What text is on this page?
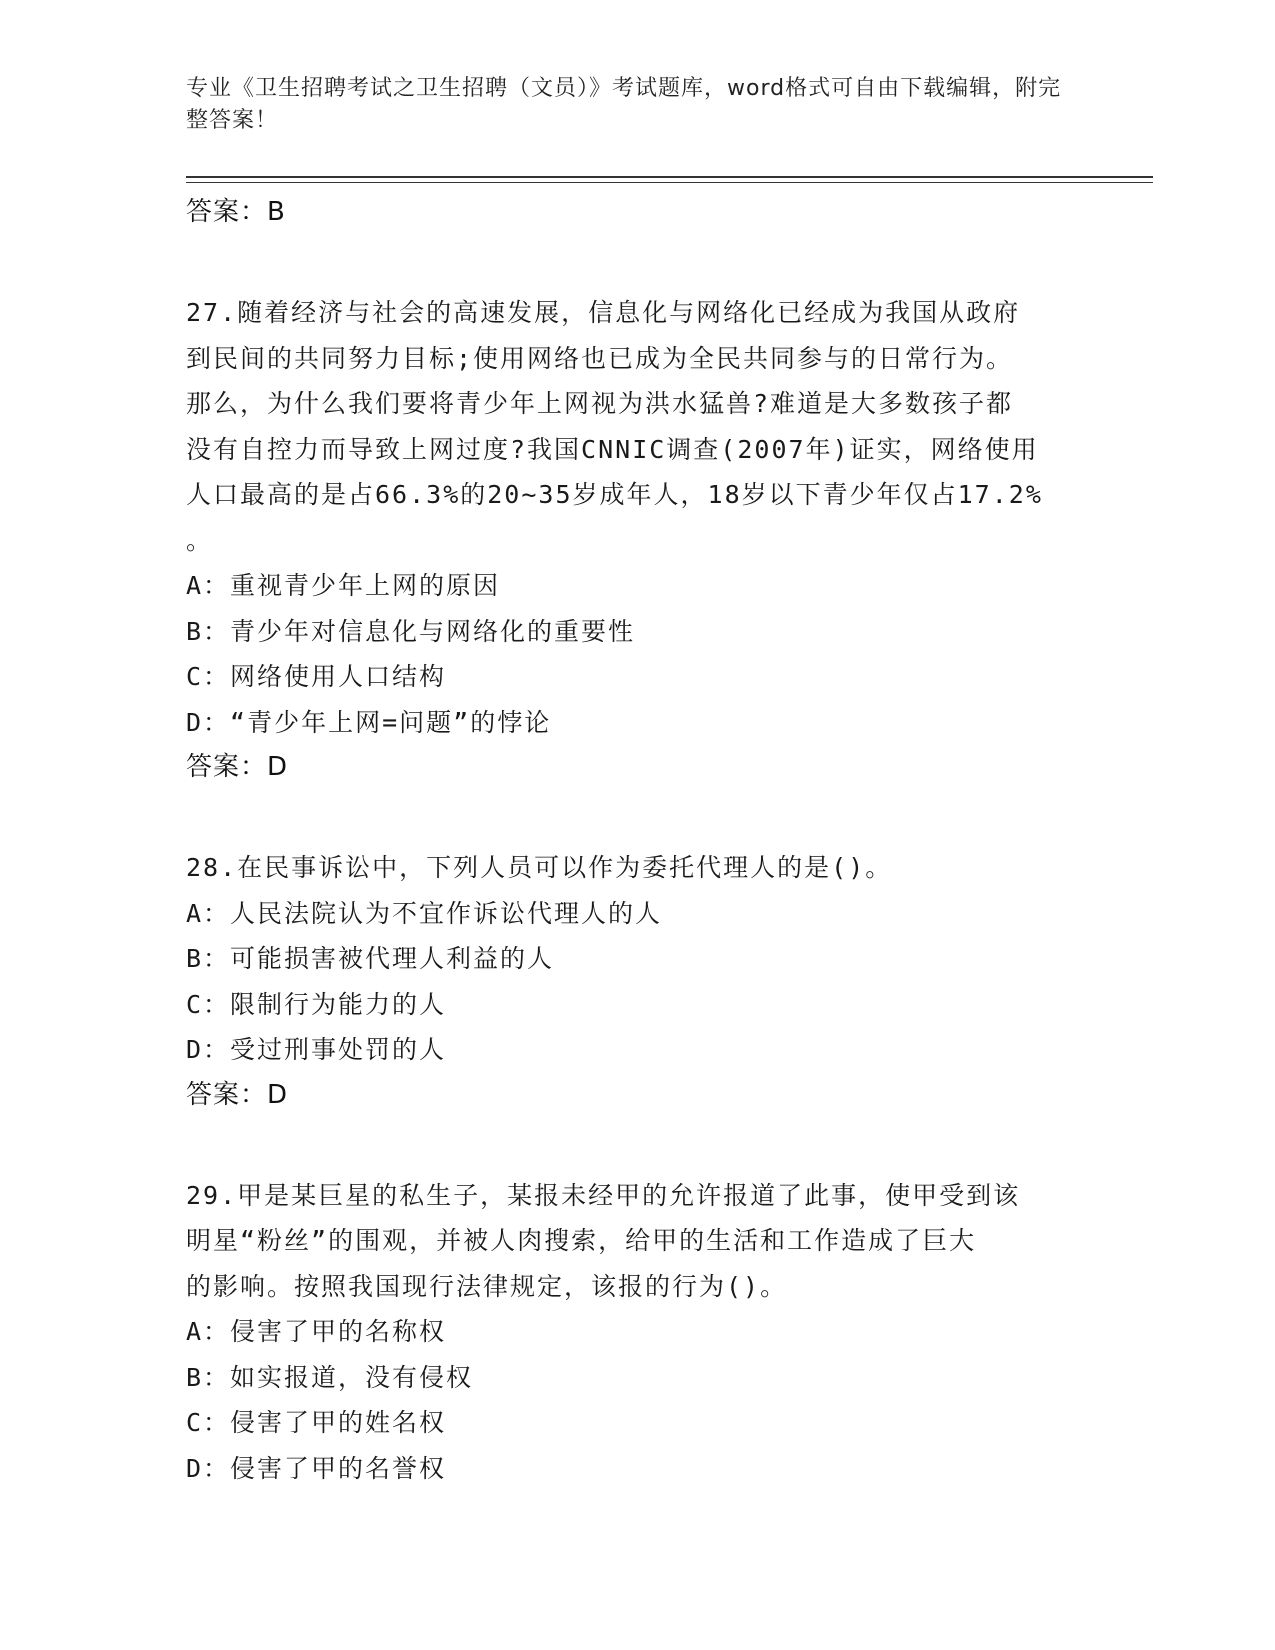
专业《卫生招聘考试之卫生招聘（文员）》考试题库，word格式可自由下载编辑，附完整答案！

答案：B

27.随着经济与社会的高速发展，信息化与网络化已经成为我国从政府

到民间的共同努力目标;使用网络也已成为全民共同参与的日常行为。

那么，为什么我们要将青少年上网视为洪水猛兽?难道是大多数孩子都

没有自控力而导致上网过度?我国CNNIC调查(2007年)证实，网络使用

人口最高的是占66.3%的20~35岁成年人，18岁以下青少年仅占17.2%

。

A：重视青少年上网的原因

B：青少年对信息化与网络化的重要性

C：网络使用人口结构

D：“青少年上网=问题”的悖论

答案：D

28.在民事诉讼中，下列人员可以作为委托代理人的是()。

A：人民法院认为不宜作诉讼代理人的人

B：可能损害被代理人利益的人

C：限制行为能力的人

D：受过刑事处罚的人

答案：D

29.甲是某巨星的私生子，某报未经甲的允许报道了此事，使甲受到该

明星“粉丝”的围观，并被人肉搜索，给甲的生活和工作造成了巨大

的影响。按照我国现行法律规定，该报的行为()。

A：侵害了甲的名称权

B：如实报道，没有侵权

C：侵害了甲的姓名权

D：侵害了甲的名誉权
